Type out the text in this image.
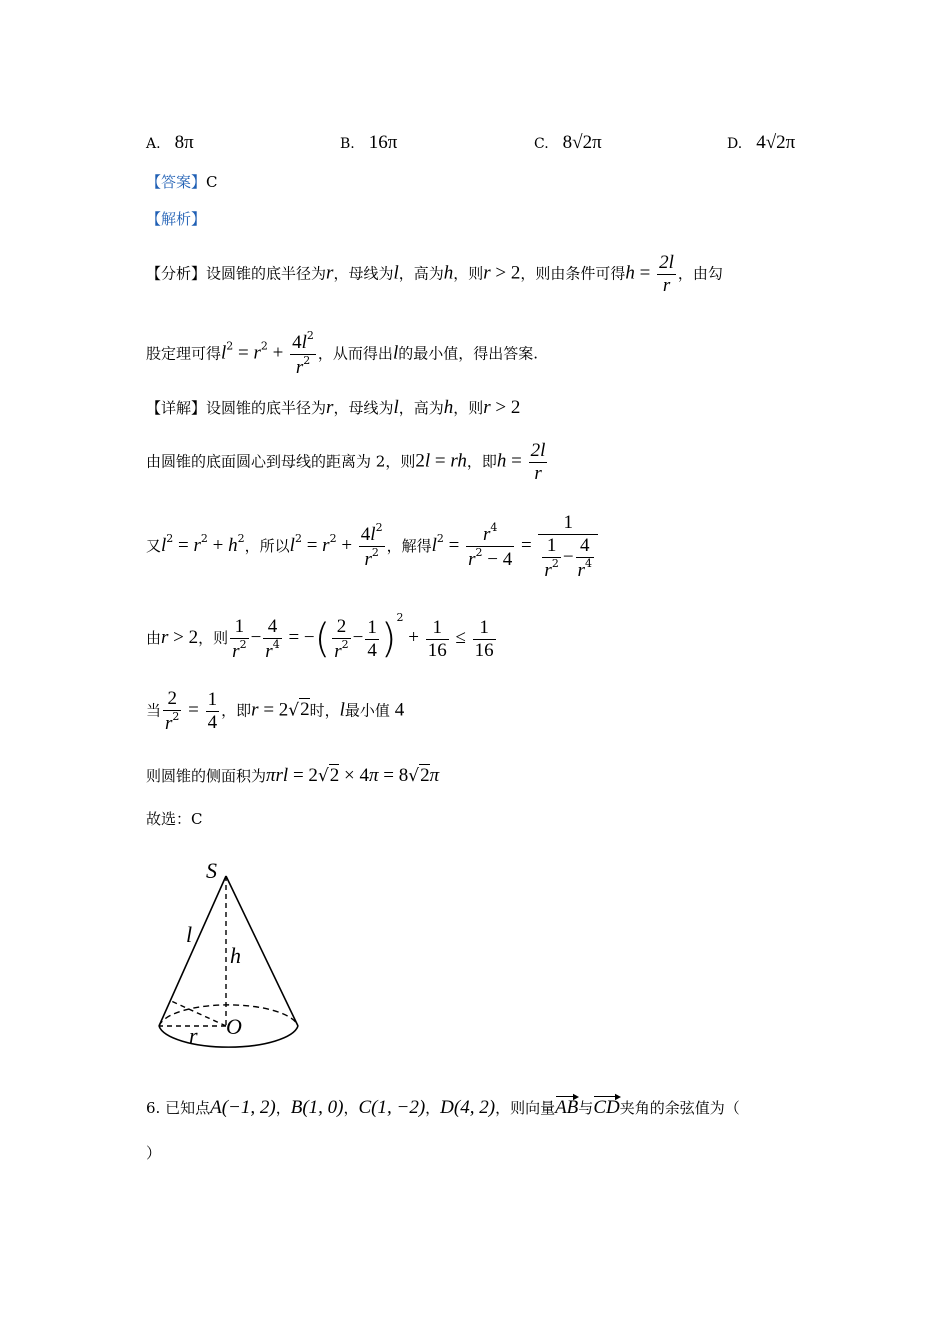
A. 8π	B. 16π	C. 8√2π	D. 4√2π
【答案】C
【解析】
【分析】设圆锥的底半径为r，母线为l，高为h，则r > 2，则由条件可得$h = \frac{2l}{r}$ ，由勾
股定理可得$l^2 = r^2 + \frac{4l^2}{r^2}$ ，从而得出l的最小值，得出答案.
【详解】设圆锥的底半径为r，母线为l，高为h，则r > 2
由圆锥的底面圆心到母线的距离为 2，则2l = rh，即$h = \frac{2l}{r}$
又$l^2 = r^2 + h^2$，所以$l^2 = r^2 + \frac{4l^2}{r^2}$ ，解得$l^2 = \frac{r^4}{r^2 - 4} = \frac{1}{\frac{1}{r^2} - \frac{4}{r^4}}$
由r > 2，则 $\frac{1}{r^2} - \frac{4}{r^4}$ = −( $\frac{2}{r^2} - \frac{1}{4} )^2 + \frac{1}{16} \le \frac{1}{16}$
当 $\frac{2}{r^2} = \frac{1}{4}$ ，即r = 2√2时，l最小值 4
则圆锥的侧面积为πrl = 2√2 × 4π = 8√2π
故选：C
S
l
h
O
r
6. 已知点A(−1, 2)，B(1, 0)，C(1, −2)，D(4, 2)，则向量AB与CD夹角的余弦值为（
）
